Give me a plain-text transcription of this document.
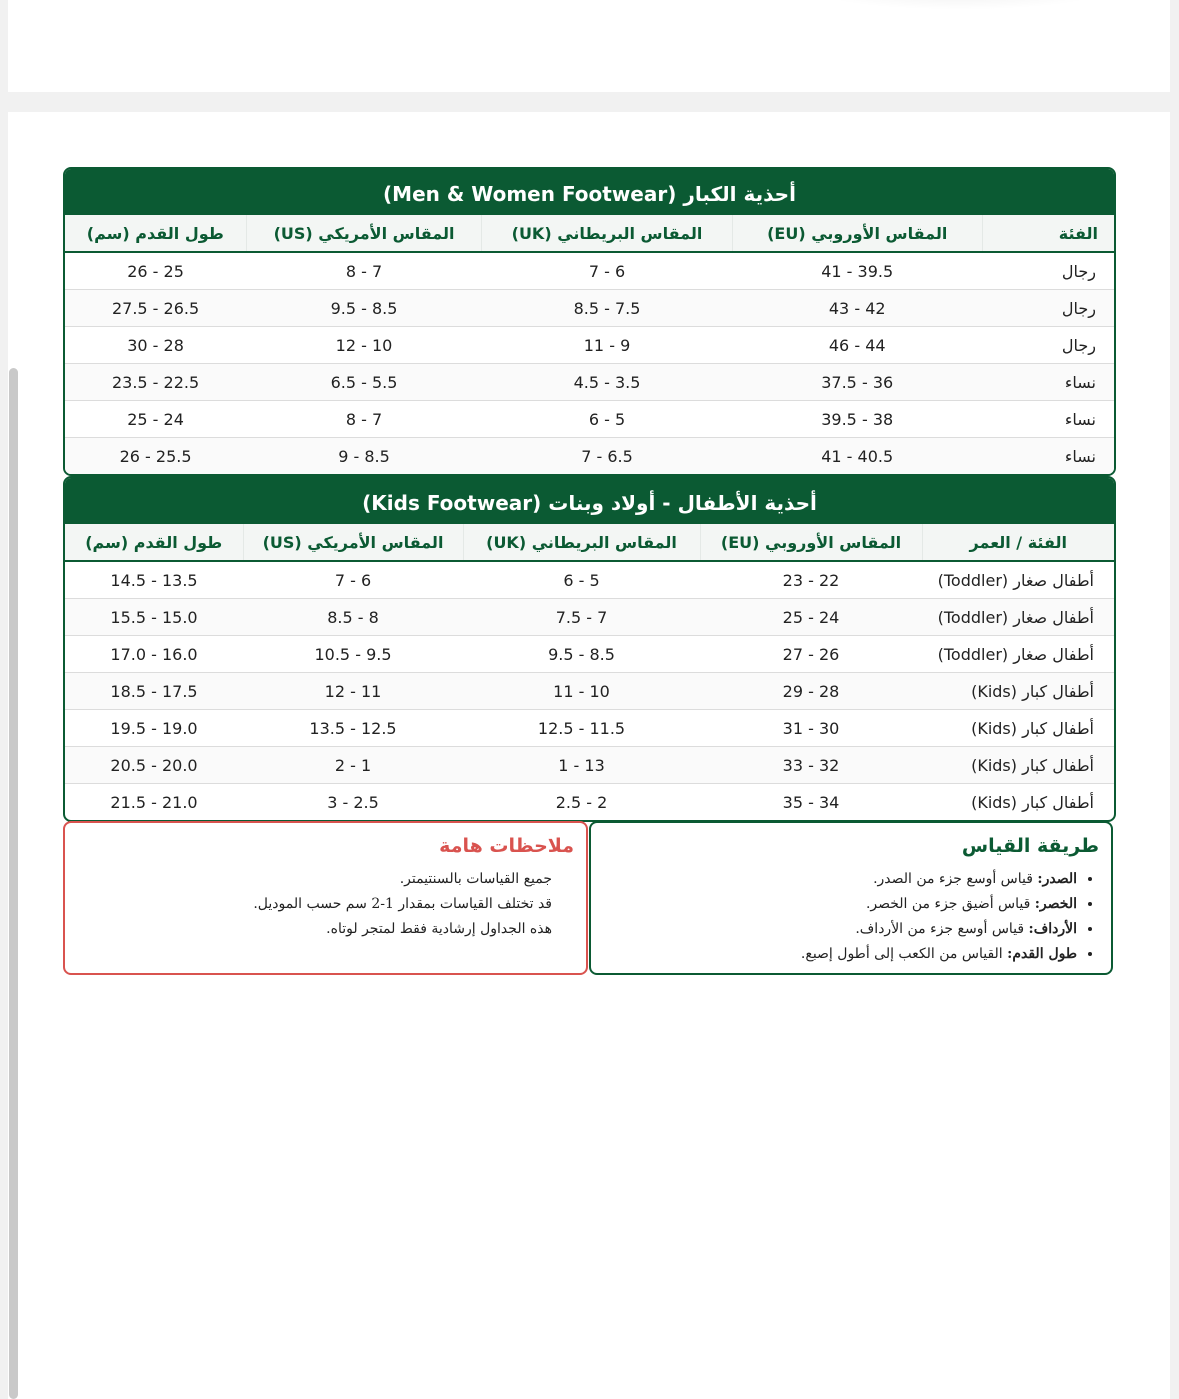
أحذية الكبار (Men & Women Footwear)
الفئة	المقاس الأوروبي (EU)	المقاس البريطاني (UK)	المقاس الأمريكي (US)	طول القدم (سم)
رجال	39.5 - 41	6 - 7	7 - 8	25 - 26
رجال	42 - 43	7.5 - 8.5	8.5 - 9.5	26.5 - 27.5
رجال	44 - 46	9 - 11	10 - 12	28 - 30
نساء	36 - 37.5	3.5 - 4.5	5.5 - 6.5	22.5 - 23.5
نساء	38 - 39.5	5 - 6	7 - 8	24 - 25
نساء	40.5 - 41	6.5 - 7	8.5 - 9	25.5 - 26
أحذية الأطفال - أولاد وبنات (Kids Footwear)
الفئة / العمر	المقاس الأوروبي (EU)	المقاس البريطاني (UK)	المقاس الأمريكي (US)	طول القدم (سم)
أطفال صغار (Toddler)	22 - 23	5 - 6	6 - 7	13.5 - 14.5
أطفال صغار (Toddler)	24 - 25	7 - 7.5	8 - 8.5	15.0 - 15.5
أطفال صغار (Toddler)	26 - 27	8.5 - 9.5	9.5 - 10.5	16.0 - 17.0
أطفال كبار (Kids)	28 - 29	10 - 11	11 - 12	17.5 - 18.5
أطفال كبار (Kids)	30 - 31	11.5 - 12.5	12.5 - 13.5	19.0 - 19.5
أطفال كبار (Kids)	32 - 33	13 - 1	1 - 2	20.0 - 20.5
أطفال كبار (Kids)	34 - 35	2 - 2.5	2.5 - 3	21.0 - 21.5
طريقة القياس
• الصدر: قياس أوسع جزء من الصدر.
• الخصر: قياس أضيق جزء من الخصر.
• الأرداف: قياس أوسع جزء من الأرداف.
• طول القدم: القياس من الكعب إلى أطول إصبع.
ملاحظات هامة
جميع القياسات بالسنتيمتر.
قد تختلف القياسات بمقدار 1-2 سم حسب الموديل.
هذه الجداول إرشادية فقط لمتجر لوتاه.
